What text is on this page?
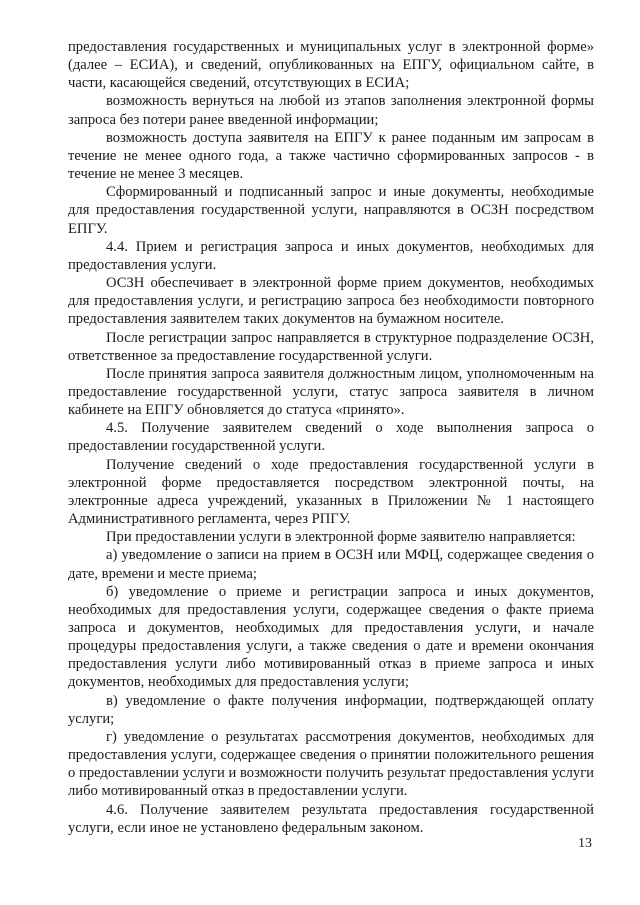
предоставления государственных и муниципальных услуг в электронной форме» (далее – ЕСИА), и сведений, опубликованных на ЕПГУ, официальном сайте, в части, касающейся сведений, отсутствующих в ЕСИА;

возможность вернуться на любой из этапов заполнения электронной формы запроса без потери ранее введенной информации;

возможность доступа заявителя на ЕПГУ к ранее поданным им запросам в течение не менее одного года, а также частично сформированных запросов - в течение не менее 3 месяцев.

Сформированный и подписанный запрос и иные документы, необходимые для предоставления государственной услуги, направляются в ОСЗН посредством ЕПГУ.

4.4. Прием и регистрация запроса и иных документов, необходимых для предоставления услуги.

ОСЗН обеспечивает в электронной форме прием документов, необходимых для предоставления услуги, и регистрацию запроса без необходимости повторного предоставления заявителем таких документов на бумажном носителе.

После регистрации запрос направляется в структурное подразделение ОСЗН, ответственное за предоставление государственной услуги.

После принятия запроса заявителя должностным лицом, уполномоченным на предоставление государственной услуги, статус запроса заявителя в личном кабинете на ЕПГУ обновляется до статуса «принято».

4.5. Получение заявителем сведений о ходе выполнения запроса о предоставлении государственной услуги.

Получение сведений о ходе предоставления государственной услуги в электронной форме предоставляется посредством электронной почты, на электронные адреса учреждений, указанных в Приложении № 1 настоящего Административного регламента, через РПГУ.

При предоставлении услуги в электронной форме заявителю направляется:

а) уведомление о записи на прием в ОСЗН или МФЦ, содержащее сведения о дате, времени и месте приема;

б) уведомление о приеме и регистрации запроса и иных документов, необходимых для предоставления услуги, содержащее сведения о факте приема запроса и документов, необходимых для предоставления услуги, и начале процедуры предоставления услуги, а также сведения о дате и времени окончания предоставления услуги либо мотивированный отказ в приеме запроса и иных документов, необходимых для предоставления услуги;

в) уведомление о факте получения информации, подтверждающей оплату услуги;

г) уведомление о результатах рассмотрения документов, необходимых для предоставления услуги, содержащее сведения о принятии положительного решения о предоставлении услуги и возможности получить результат предоставления услуги либо мотивированный отказ в предоставлении услуги.

4.6. Получение заявителем результата предоставления государственной услуги, если иное не установлено федеральным законом.

13
